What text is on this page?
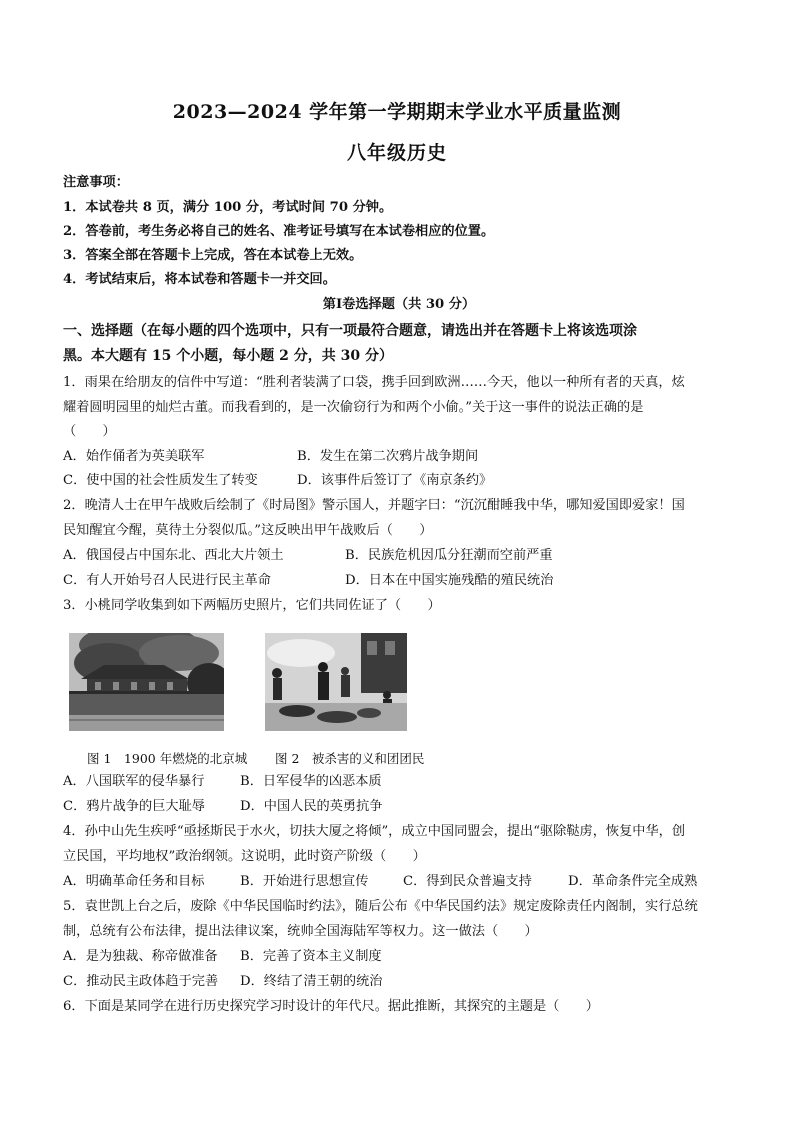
2023—2024 学年第一学期期末学业水平质量监测
八年级历史
注意事项：
1．本试卷共 8 页，满分 100 分，考试时间 70 分钟。
2．答卷前，考生务必将自己的姓名、准考证号填写在本试卷相应的位置。
3．答案全部在答题卡上完成，答在本试卷上无效。
4．考试结束后，将本试卷和答题卡一并交回。
第Ⅰ卷选择题（共 30 分）
一、选择题（在每小题的四个选项中，只有一项最符合题意，请选出并在答题卡上将该选项涂
黑。本大题有 15 个小题，每小题 2 分，共 30 分）
1．雨果在给朋友的信件中写道：“胜利者装满了口袋，携手回到欧洲……今天，他以一种所有者的天真，炫
耀着圆明园里的灿烂古董。而我看到的，是一次偷窃行为和两个小偷。”关于这一事件的说法正确的是
（　　）
A．始作俑者为英美联军	B．发生在第二次鸦片战争期间
C．使中国的社会性质发生了转变	D．该事件后签订了《南京条约》
2．晚清人士在甲午战败后绘制了《时局图》警示国人，并题字曰：“沉沉酣睡我中华，哪知爱国即爱家！国
民知醒宜今醒，莫待土分裂似瓜。”这反映出甲午战败后（　　）
A．俄国侵占中国东北、西北大片领土	B．民族危机因瓜分狂潮而空前严重
C．有人开始号召人民进行民主革命	D．日本在中国实施残酷的殖民统治
3．小桃同学收集到如下两幅历史照片，它们共同佐证了（　　）
图 1　1900 年燃烧的北京城 图 2　被杀害的义和团团民
A．八国联军的侵华暴行	B．日军侵华的凶恶本质
C．鸦片战争的巨大耻辱	D．中国人民的英勇抗争
4．孙中山先生疾呼“亟拯斯民于水火，切扶大厦之将倾”，成立中国同盟会，提出“驱除鞑虏，恢复中华，创
立民国，平均地权”政治纲领。这说明，此时资产阶级（　　）
A．明确革命任务和目标	B．开始进行思想宣传	C．得到民众普遍支持	D．革命条件完全成熟
5．袁世凯上台之后，废除《中华民国临时约法》，随后公布《中华民国约法》规定废除责任内阁制，实行总统
制，总统有公布法律，提出法律议案，统帅全国海陆军等权力。这一做法（　　）
A．是为独裁、称帝做准备 B．完善了资本主义制度
C．推动民主政体趋于完善 D．终结了清王朝的统治
6．下面是某同学在进行历史探究学习时设计的年代尺。据此推断，其探究的主题是（　　）
